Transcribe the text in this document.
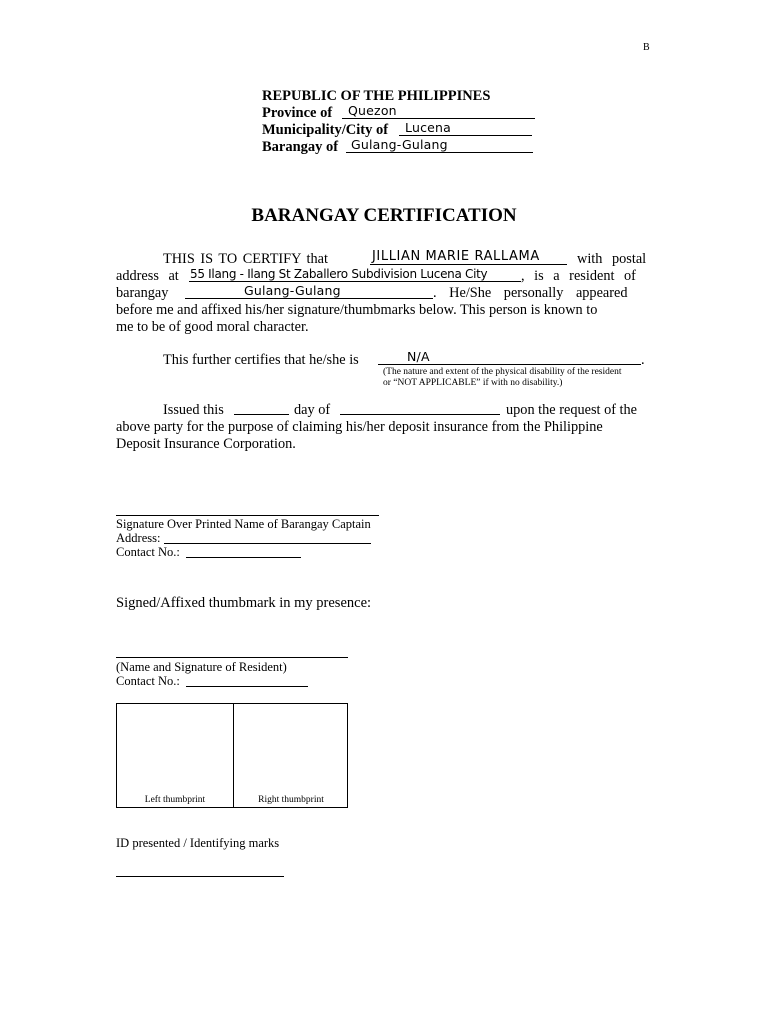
B
REPUBLIC OF THE PHILIPPINES
Province of Quezon
Municipality/City of Lucena
Barangay of Gulang-Gulang
BARANGAY CERTIFICATION
THIS IS TO CERTIFY that	JILLIAN MARIE RALLAMA	with postal
address at 55 Ilang - Ilang St Zaballero Subdivision Lucena City , is a resident of
barangay	Gulang-Gulang	. He/She personally appeared
before me and affixed his/her signature/thumbmarks below. This person is known to
me to be of good moral character.
This further certifies that he/she is	N/A	.
(The nature and extent of the physical disability of the resident
or “NOT APPLICABLE” if with no disability.)
Issued this	day of	upon the request of the
above party for the purpose of claiming his/her deposit insurance from the Philippine
Deposit Insurance Corporation.
Signature Over Printed Name of Barangay Captain
Address:
Contact No.:
Signed/Affixed thumbmark in my presence:
(Name and Signature of Resident)
Contact No.:
Left thumbprint	Right thumbprint
ID presented / Identifying marks
